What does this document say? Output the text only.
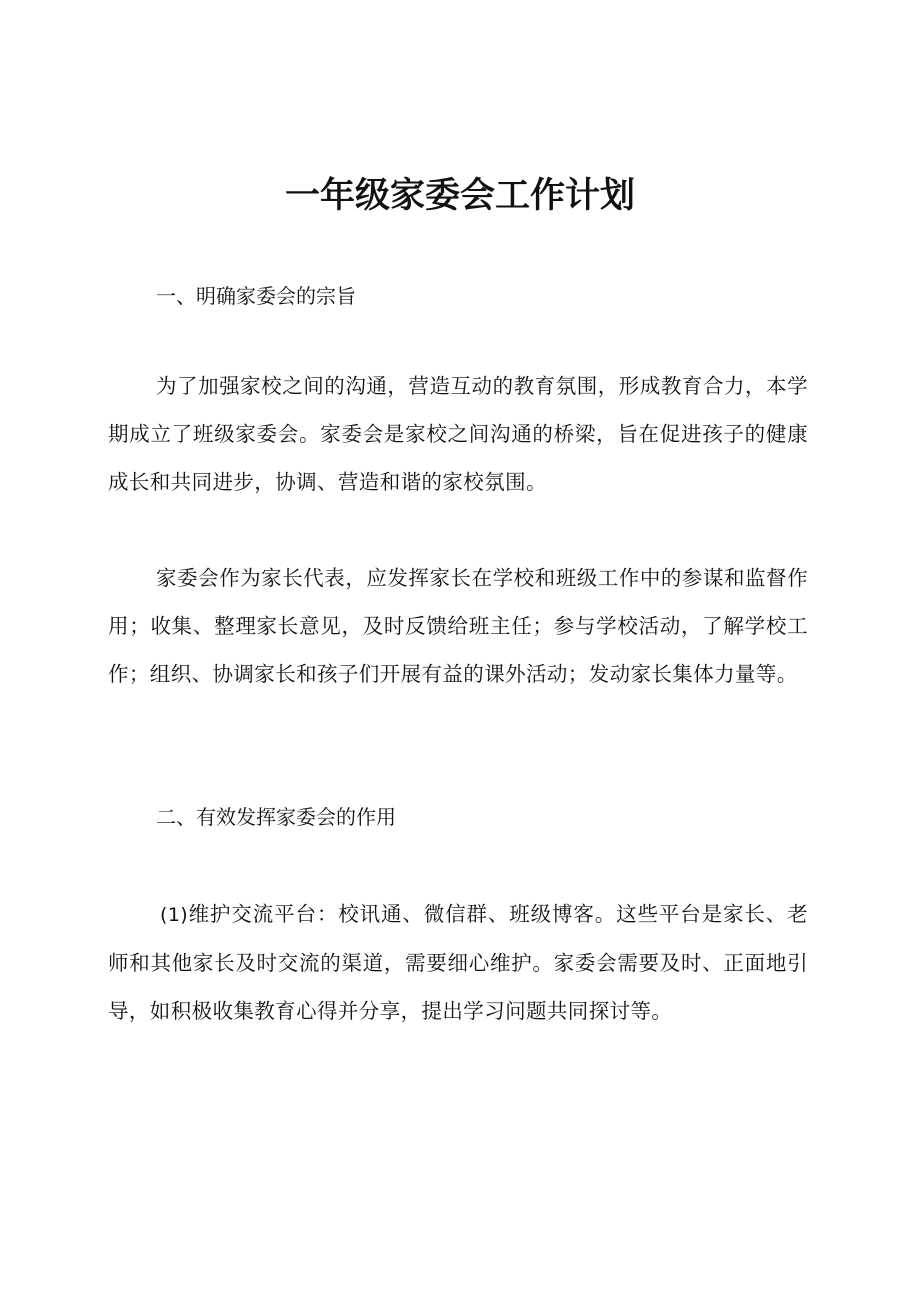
一年级家委会工作计划

一、明确家委会的宗旨

为了加强家校之间的沟通，营造互动的教育氛围，形成教育合力，本学期成立了班级家委会。家委会是家校之间沟通的桥梁，旨在促进孩子的健康成长和共同进步，协调、营造和谐的家校氛围。

家委会作为家长代表，应发挥家长在学校和班级工作中的参谋和监督作用；收集、整理家长意见，及时反馈给班主任；参与学校活动，了解学校工作；组织、协调家长和孩子们开展有益的课外活动；发动家长集体力量等。

二、有效发挥家委会的作用

(1)维护交流平台：校讯通、微信群、班级博客。这些平台是家长、老师和其他家长及时交流的渠道，需要细心维护。家委会需要及时、正面地引导，如积极收集教育心得并分享，提出学习问题共同探讨等。
